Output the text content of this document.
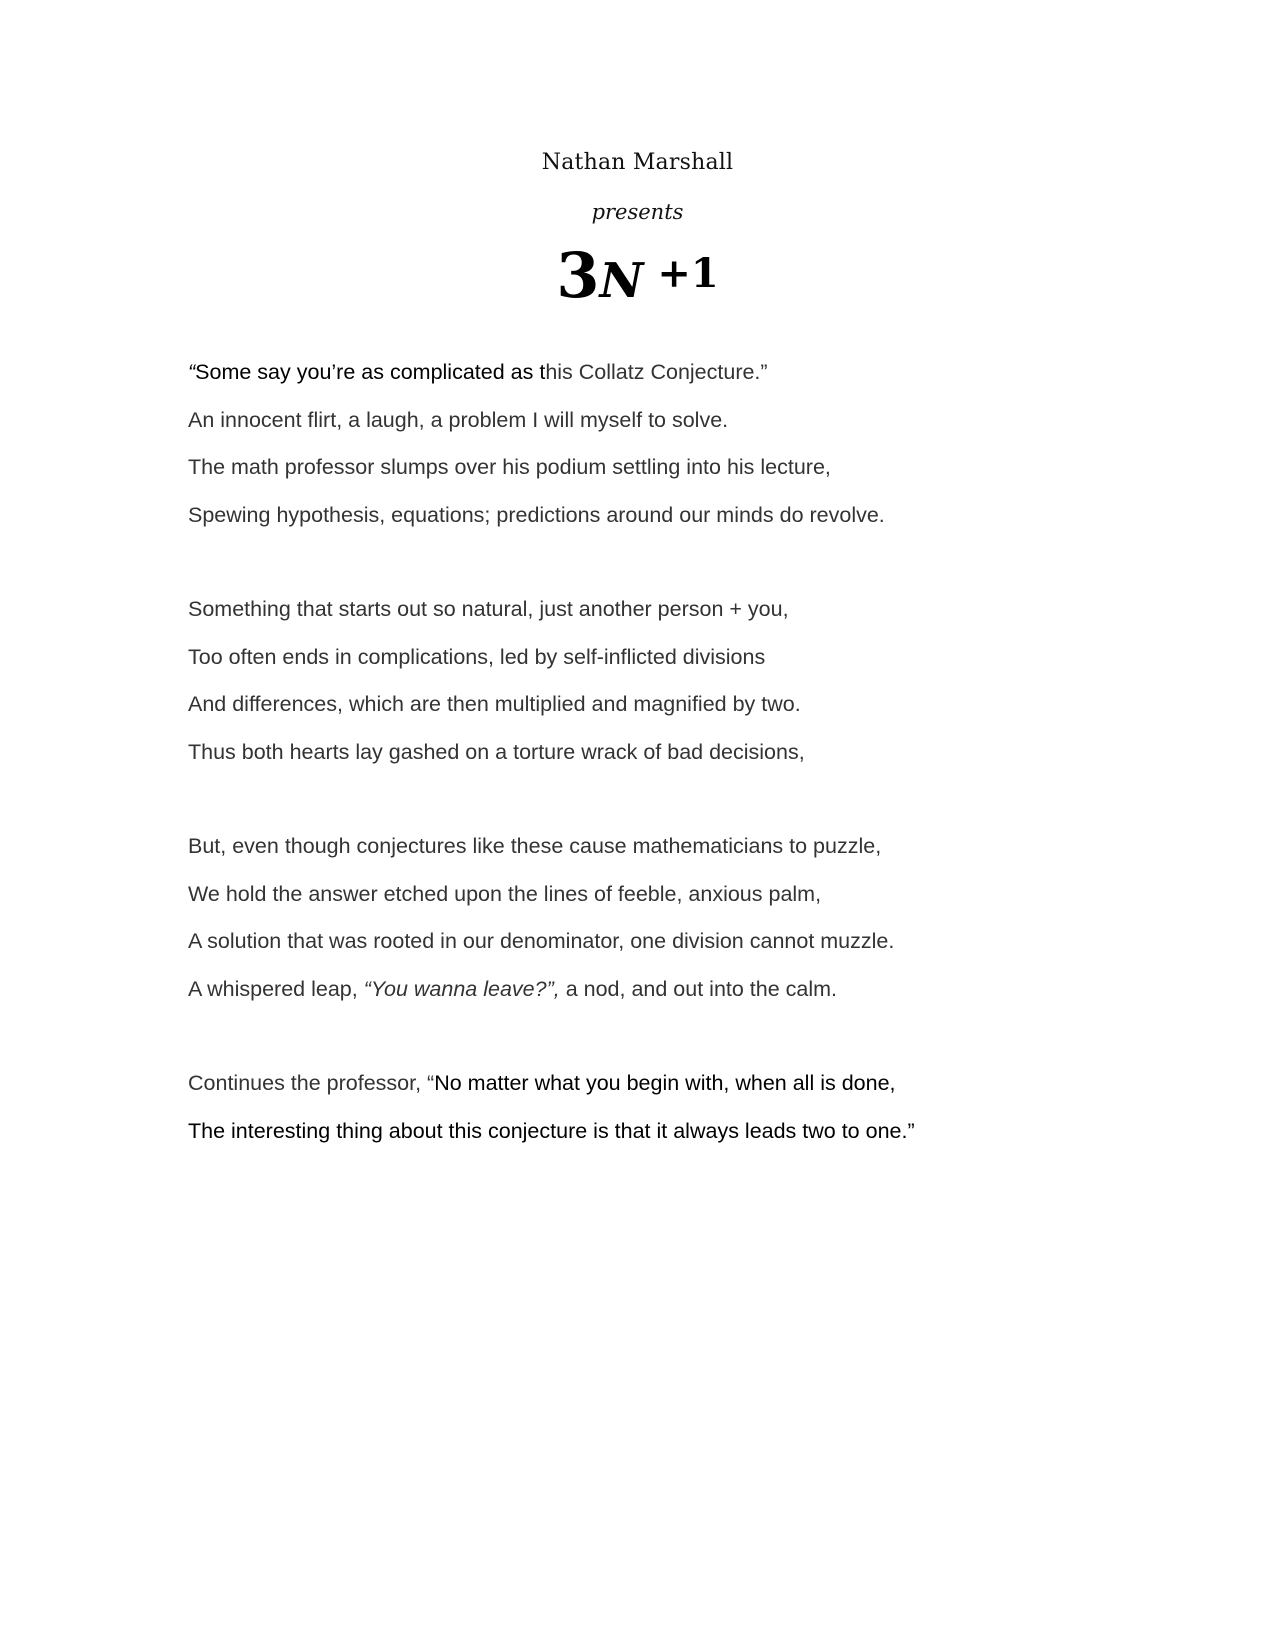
Nathan Marshall
presents
3N +1
“Some say you’re as complicated as this Collatz Conjecture.”
An innocent flirt, a laugh, a problem I will myself to solve.
The math professor slumps over his podium settling into his lecture,
Spewing hypothesis, equations; predictions around our minds do revolve.
Something that starts out so natural, just another person + you,
Too often ends in complications, led by self-inflicted divisions
And differences, which are then multiplied and magnified by two.
Thus both hearts lay gashed on a torture wrack of bad decisions,
But, even though conjectures like these cause mathematicians to puzzle,
We hold the answer etched upon the lines of feeble, anxious palm,
A solution that was rooted in our denominator, one division cannot muzzle.
A whispered leap, “You wanna leave?”, a nod, and out into the calm.
Continues the professor, “No matter what you begin with, when all is done,
The interesting thing about this conjecture is that it always leads two to one.”
